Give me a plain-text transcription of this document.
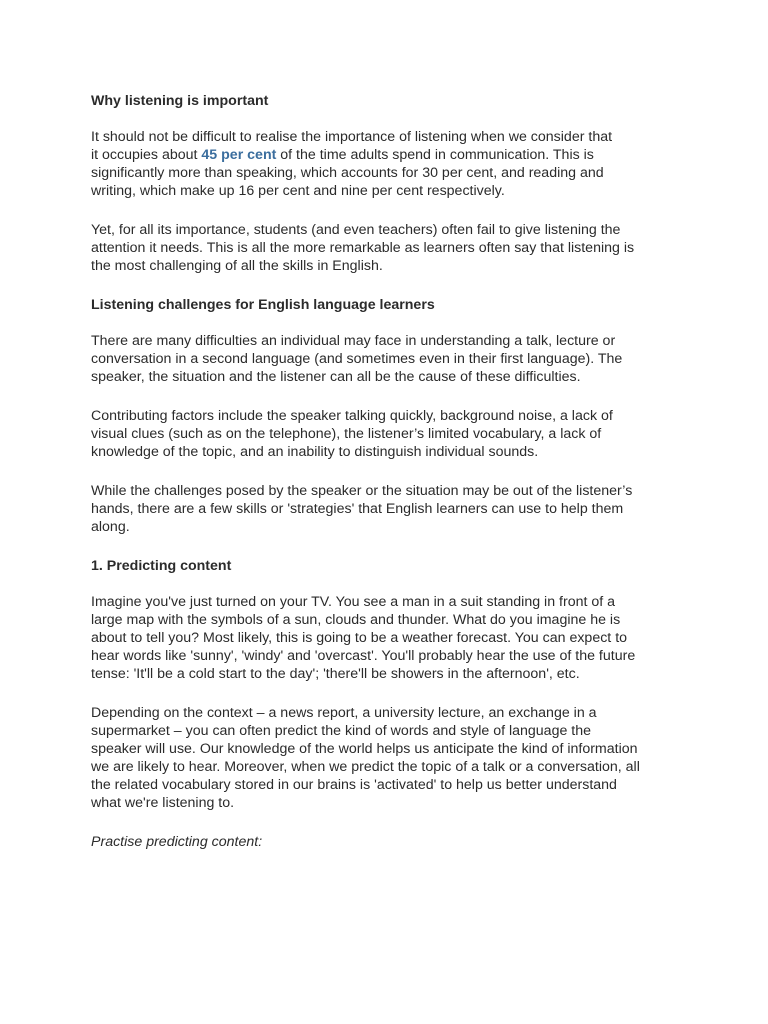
Why listening is important

It should not be difficult to realise the importance of listening when we consider that
it occupies about 45 per cent of the time adults spend in communication. This is
significantly more than speaking, which accounts for 30 per cent, and reading and
writing, which make up 16 per cent and nine per cent respectively.

Yet, for all its importance, students (and even teachers) often fail to give listening the
attention it needs. This is all the more remarkable as learners often say that listening is
the most challenging of all the skills in English.

Listening challenges for English language learners

There are many difficulties an individual may face in understanding a talk, lecture or
conversation in a second language (and sometimes even in their first language). The
speaker, the situation and the listener can all be the cause of these difficulties.

Contributing factors include the speaker talking quickly, background noise, a lack of
visual clues (such as on the telephone), the listener’s limited vocabulary, a lack of
knowledge of the topic, and an inability to distinguish individual sounds.

While the challenges posed by the speaker or the situation may be out of the listener’s
hands, there are a few skills or 'strategies' that English learners can use to help them
along.

1. Predicting content

Imagine you've just turned on your TV. You see a man in a suit standing in front of a
large map with the symbols of a sun, clouds and thunder. What do you imagine he is
about to tell you? Most likely, this is going to be a weather forecast. You can expect to
hear words like 'sunny', 'windy' and 'overcast'. You'll probably hear the use of the future
tense: 'It'll be a cold start to the day'; 'there'll be showers in the afternoon', etc.

Depending on the context – a news report, a university lecture, an exchange in a
supermarket – you can often predict the kind of words and style of language the
speaker will use. Our knowledge of the world helps us anticipate the kind of information
we are likely to hear. Moreover, when we predict the topic of a talk or a conversation, all
the related vocabulary stored in our brains is 'activated' to help us better understand
what we're listening to.

Practise predicting content:
